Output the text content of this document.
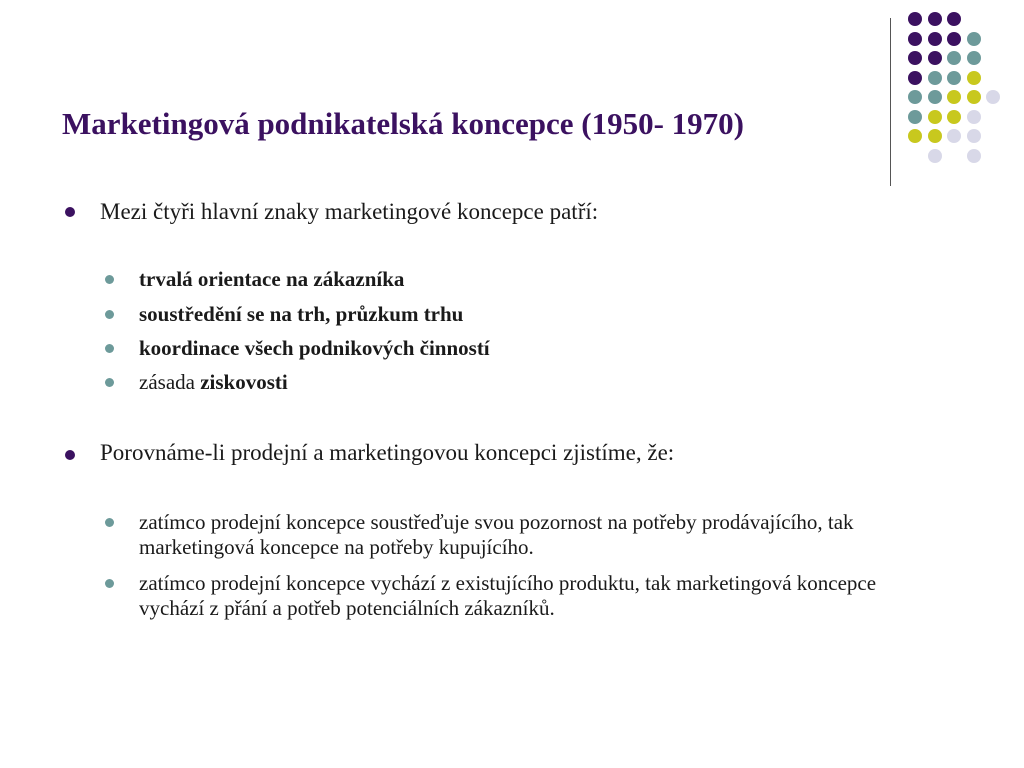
Marketingová podnikatelská koncepce (1950- 1970)
Mezi čtyři hlavní znaky marketingové koncepce patří:
trvalá orientace na zákazníka
soustředění se na trh, průzkum trhu
koordinace všech podnikových činností
zásada ziskovosti
Porovnáme-li prodejní a marketingovou koncepci zjistíme, že:
zatímco prodejní koncepce soustřeďuje svou pozornost na potřeby prodávajícího, tak marketingová koncepce na potřeby kupujícího.
zatímco prodejní koncepce vychází z existujícího produktu, tak marketingová koncepce vychází z přání a potřeb potenciálních zákazníků.
